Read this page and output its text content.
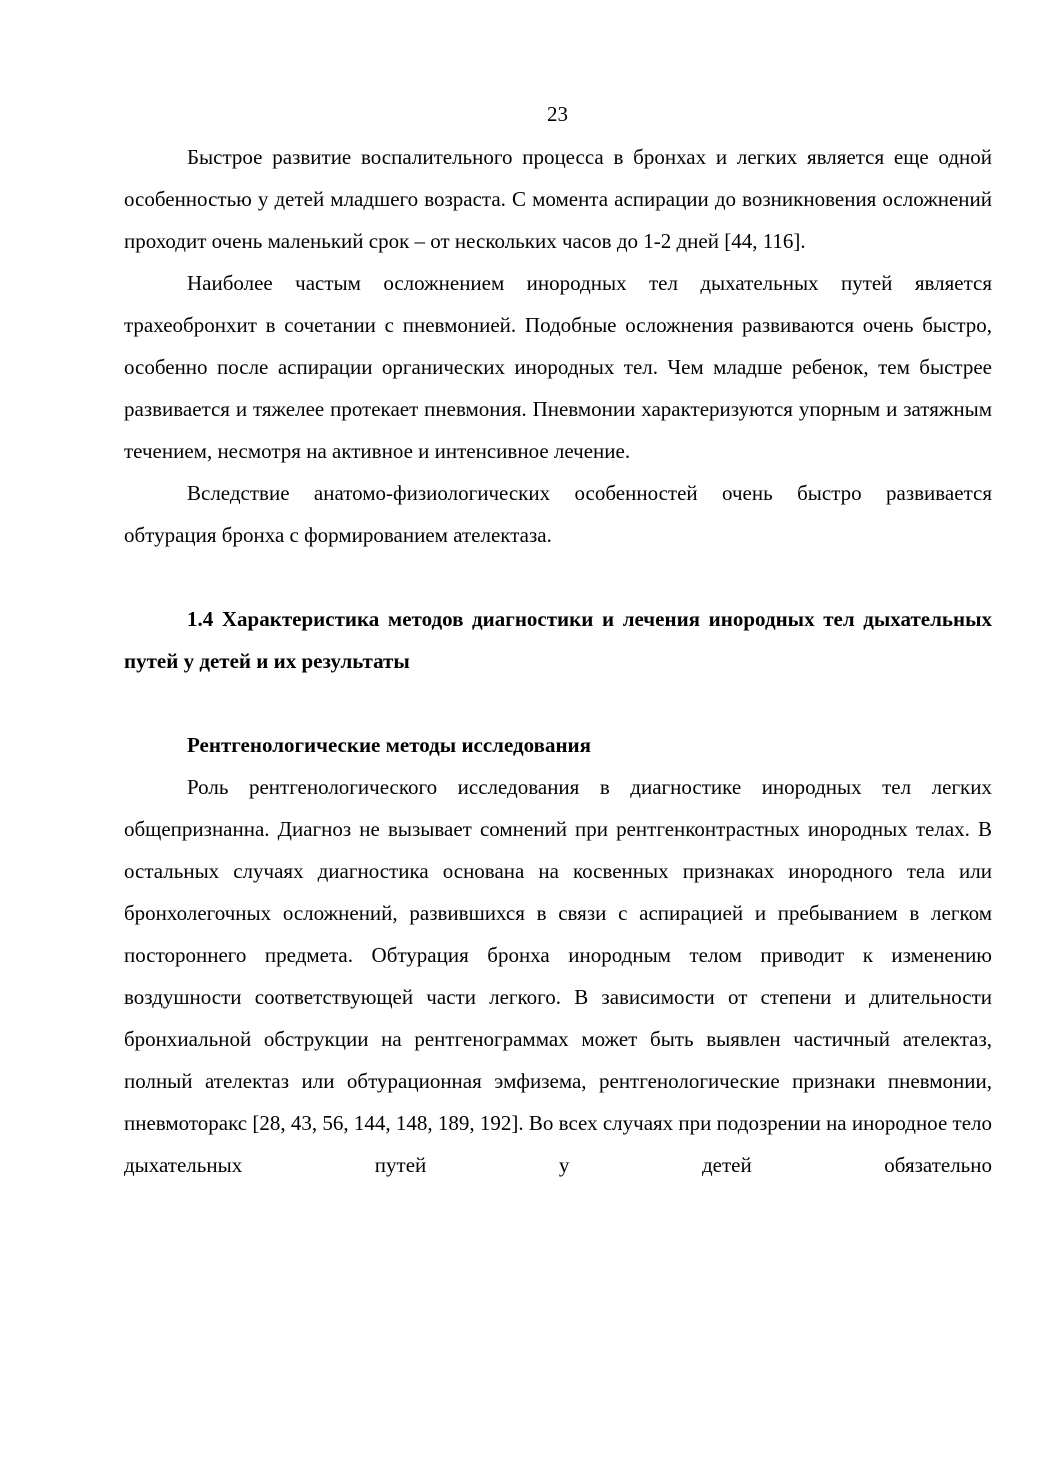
23

Быстрое развитие воспалительного процесса в бронхах и легких является еще одной особенностью у детей младшего возраста. С момента аспирации до возникновения осложнений проходит очень маленький срок – от нескольких часов до 1-2 дней [44, 116].

Наиболее частым осложнением инородных тел дыхательных путей является трахеобронхит в сочетании с пневмонией. Подобные осложнения развиваются очень быстро, особенно после аспирации органических инородных тел. Чем младше ребенок, тем быстрее развивается и тяжелее протекает пневмония. Пневмонии характеризуются упорным и затяжным течением, несмотря на активное и интенсивное лечение.

Вследствие анатомо-физиологических особенностей очень быстро развивается обтурация бронха с формированием ателектаза.

1.4 Характеристика методов диагностики и лечения инородных тел дыхательных путей у детей и их результаты
Рентгенологические методы исследования

Роль рентгенологического исследования в диагностике инородных тел легких общепризнанна. Диагноз не вызывает сомнений при рентгенконтрастных инородных телах. В остальных случаях диагностика основана на косвенных признаках инородного тела или бронхолегочных осложнений, развившихся в связи с аспирацией и пребыванием в легком постороннего предмета. Обтурация бронха инородным телом приводит к изменению воздушности соответствующей части легкого. В зависимости от степени и длительности бронхиальной обструкции на рентгенограммах может быть выявлен частичный ателектаз, полный ателектаз или обтурационная эмфизема, рентгенологические признаки пневмонии, пневмоторакс [28, 43, 56, 144, 148, 189, 192]. Во всех случаях при подозрении на инородное тело дыхательных путей у детей обязательно
